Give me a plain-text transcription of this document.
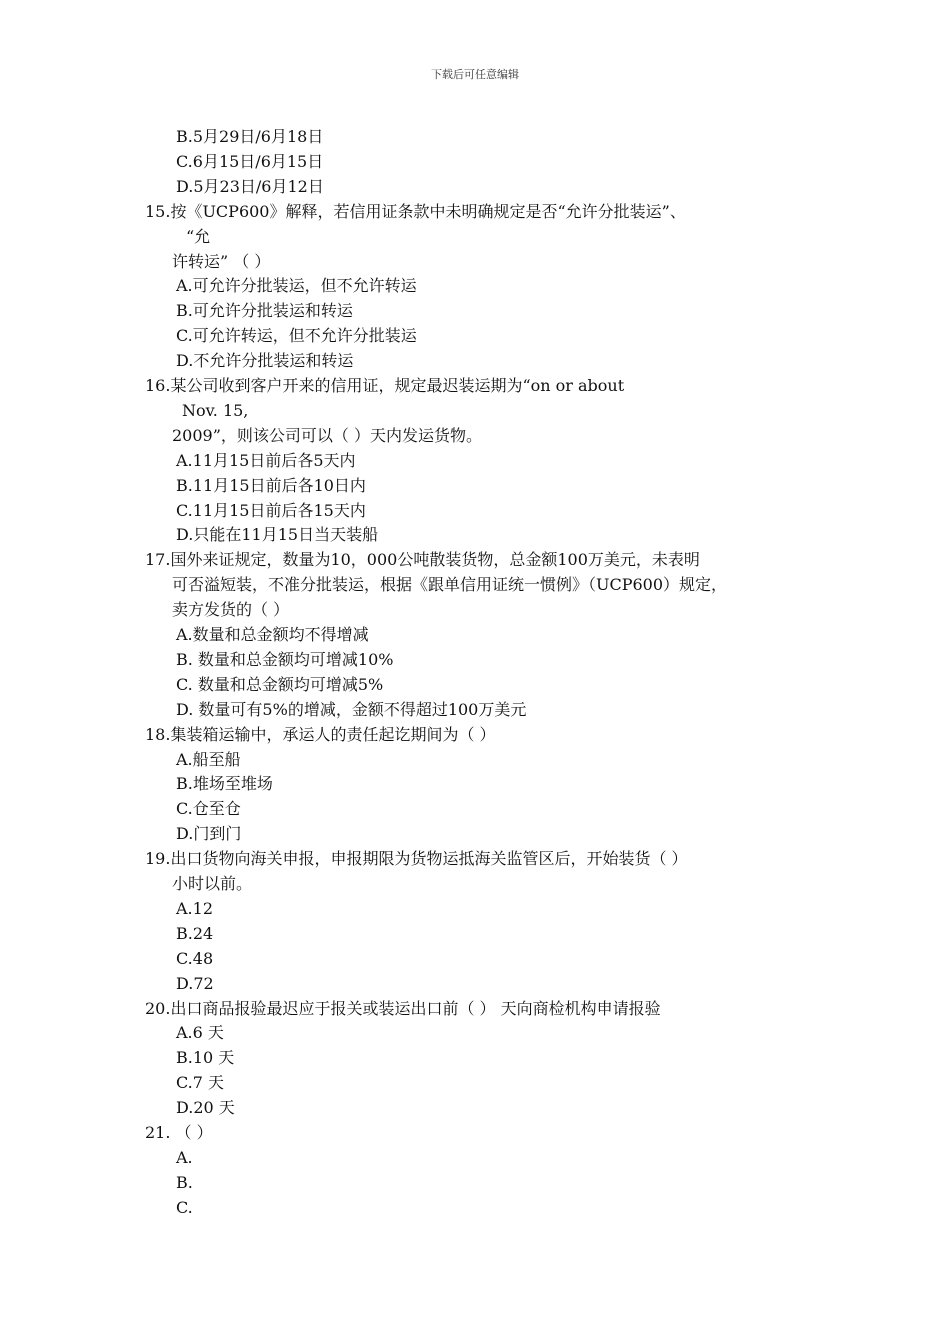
下载后可任意编辑
B.5月29日/6月18日
C.6月15日/6月15日
D.5月23日/6月12日
15.按《UCP600》解释，若信用证条款中未明确规定是否“允许分批装运”、
“允
许转运” （ ）
A.可允许分批装运，但不允许转运
B.可允许分批装运和转运
C.可允许转运，但不允许分批装运
D.不允许分批装运和转运
16.某公司收到客户开来的信用证，规定最迟装运期为“on or about
Nov. 15,
2009”，则该公司可以（ ）天内发运货物。
A.11月15日前后各5天内
B.11月15日前后各10日内
C.11月15日前后各15天内
D.只能在11月15日当天装船
17.国外来证规定，数量为10，000公吨散装货物，总金额100万美元，未表明
可否溢短装，不准分批装运，根据《跟单信用证统一惯例》（UCP600）规定，
卖方发货的（ ）
A.数量和总金额均不得增减
B. 数量和总金额均可增减10%
C. 数量和总金额均可增减5%
D. 数量可有5%的增减，金额不得超过100万美元
18.集装箱运输中，承运人的责任起讫期间为（ ）
A.船至船
B.堆场至堆场
C.仓至仓
D.门到门
19.出口货物向海关申报，申报期限为货物运抵海关监管区后，开始装货（ ）
小时以前。
A.12
B.24
C.48
D.72
20.出口商品报验最迟应于报关或装运出口前（ ） 天向商检机构申请报验
A.6 天
B.10 天
C.7 天
D.20 天
21. （ ）
A.
B.
C.
